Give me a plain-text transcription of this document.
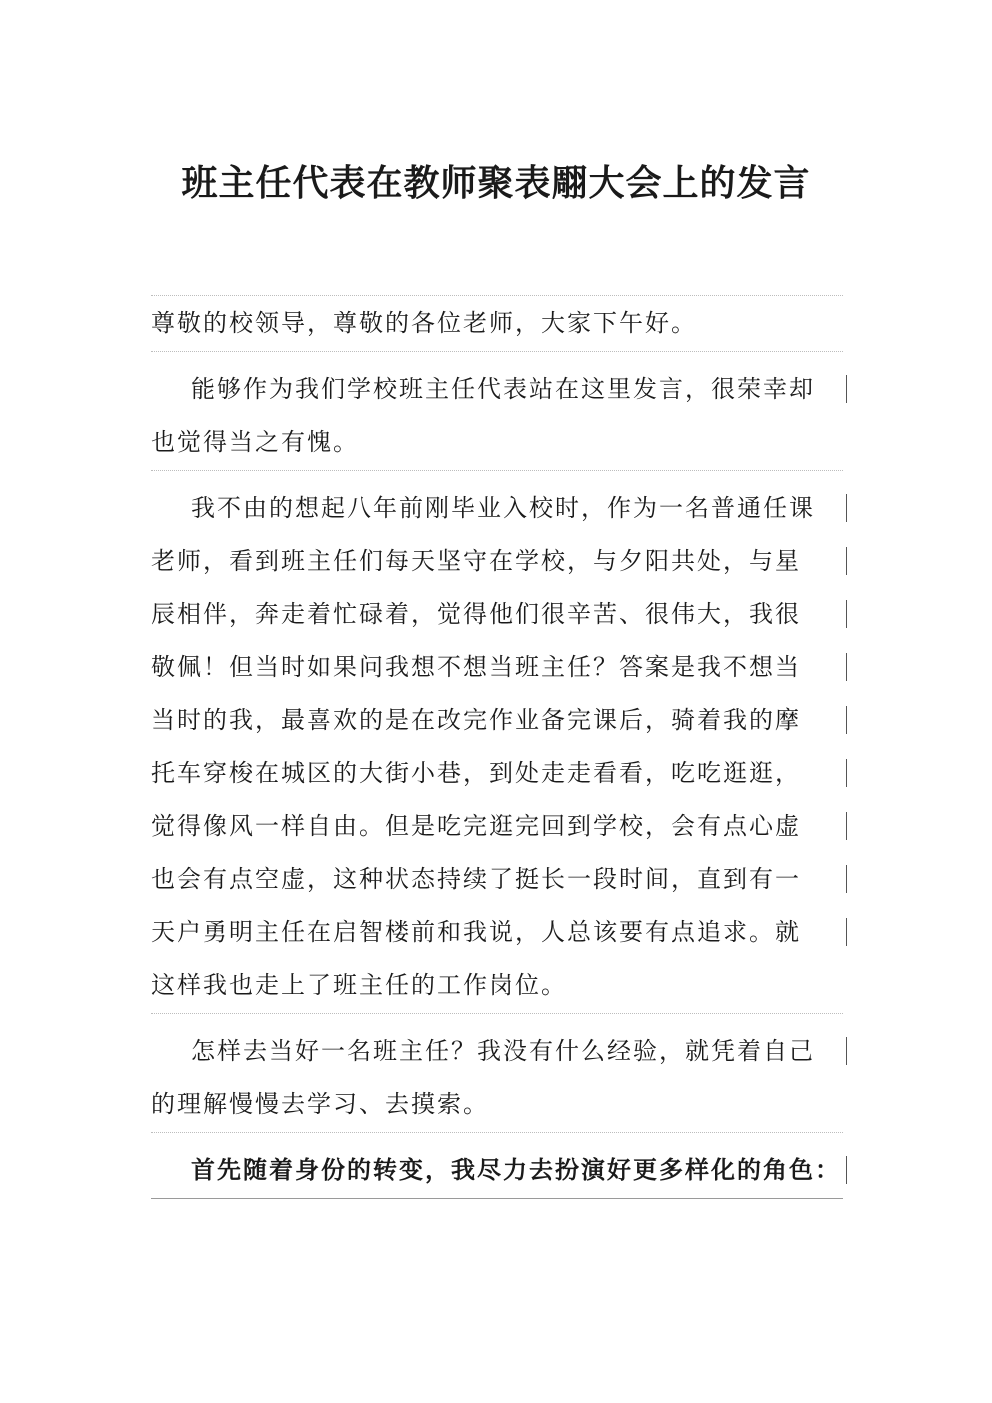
班主任代表在教师聚表翢大会上的发言
尊敬的校领导，尊敬的各位老师，大家下午好。
能够作为我们学校班主任代表站在这里发言，很荣幸却
也觉得当之有愧。
我不由的想起八年前刚毕业入校时，作为一名普通任课
老师，看到班主任们每天坚守在学校，与夕阳共处，与星
辰相伴，奔走着忙碌着，觉得他们很辛苦、很伟大，我很
敬佩！但当时如果问我想不想当班主任？答案是我不想当
当时的我，最喜欢的是在改完作业备完课后，骑着我的摩
托车穿梭在城区的大街小巷，到处走走看看，吃吃逛逛，
觉得像风一样自由。但是吃完逛完回到学校，会有点心虚
也会有点空虚，这种状态持续了挺长一段时间，直到有一
天户勇明主任在启智楼前和我说，人总该要有点追求。就
这样我也走上了班主任的工作岗位。
怎样去当好一名班主任？我没有什么经验，就凭着自己
的理解慢慢去学习、去摸索。
首先随着身份的转变，我尽力去扮演好更多样化的角色：
